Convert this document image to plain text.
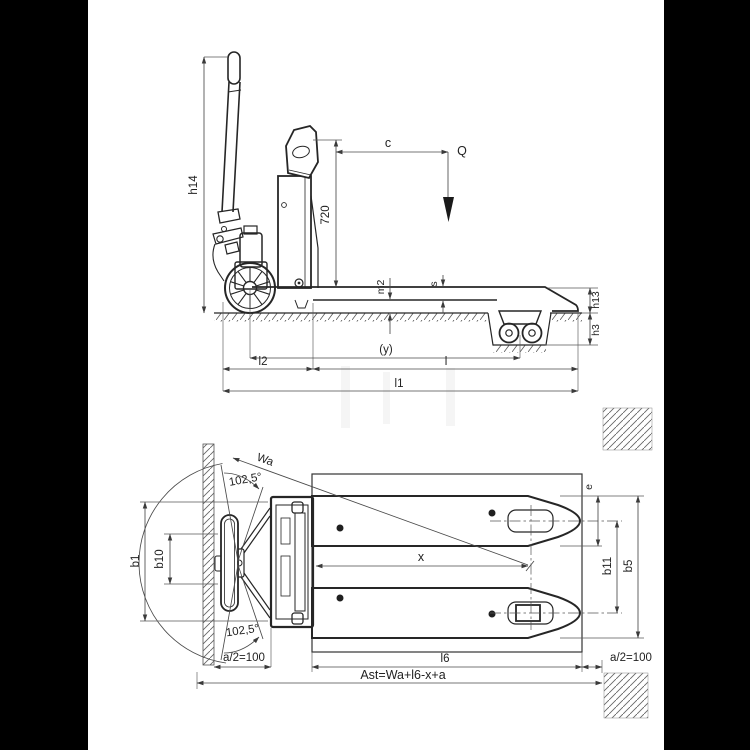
h14
720
c
Q
m2	s
h13
h3
(y)
l2	l
l1
102,5°
102,5°
Wa
x
b1 b10
e
b11 b5
a/2=100	l6	a/2=100
Ast=Wa+l6-x+a
